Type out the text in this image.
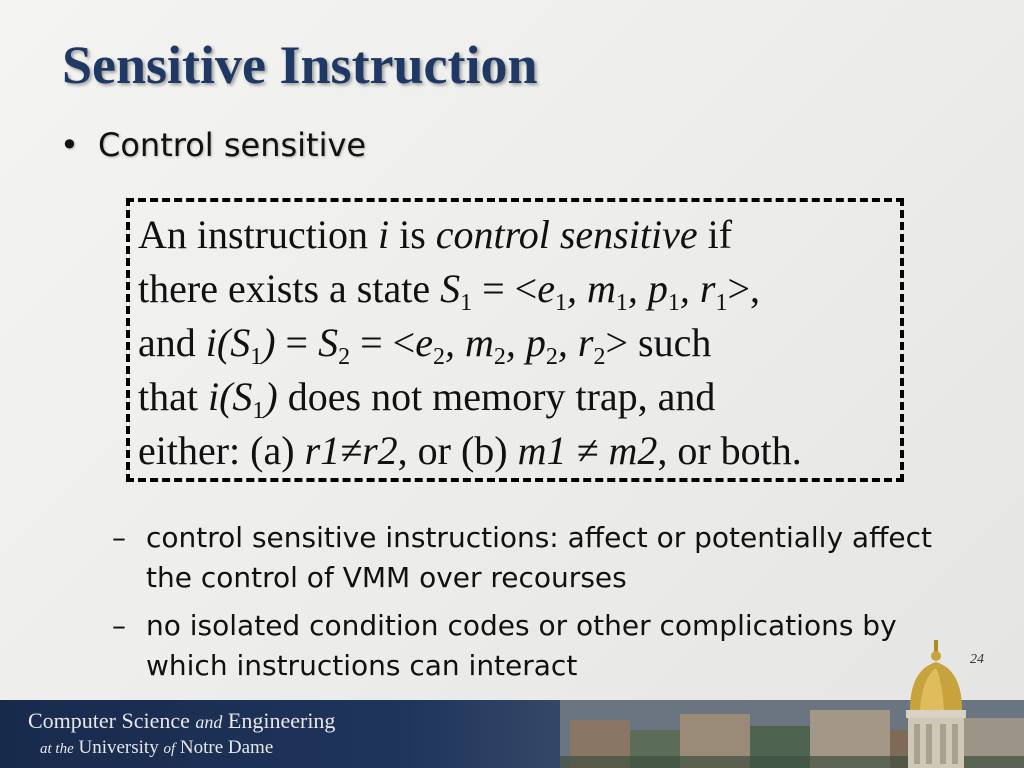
Sensitive Instruction
• Control sensitive
An instruction i is control sensitive if
there exists a state $S_1 = <e_1$, $m_1$, $p_1$, $r_1>$,
and $i(S_1) = S_2 = <e_2$, $m_2$, $p_2$, $r_2>$ such
that $i(S_1)$ does not memory trap, and
either: (a) r1≠r2, or (b) m1 ≠ m2, or both.
– control sensitive instructions: affect or potentially affect the control of VMM over recourses
– no isolated condition codes or other complications by which instructions can interact	24
Computer Science and Engineering
at the University of Notre Dame
